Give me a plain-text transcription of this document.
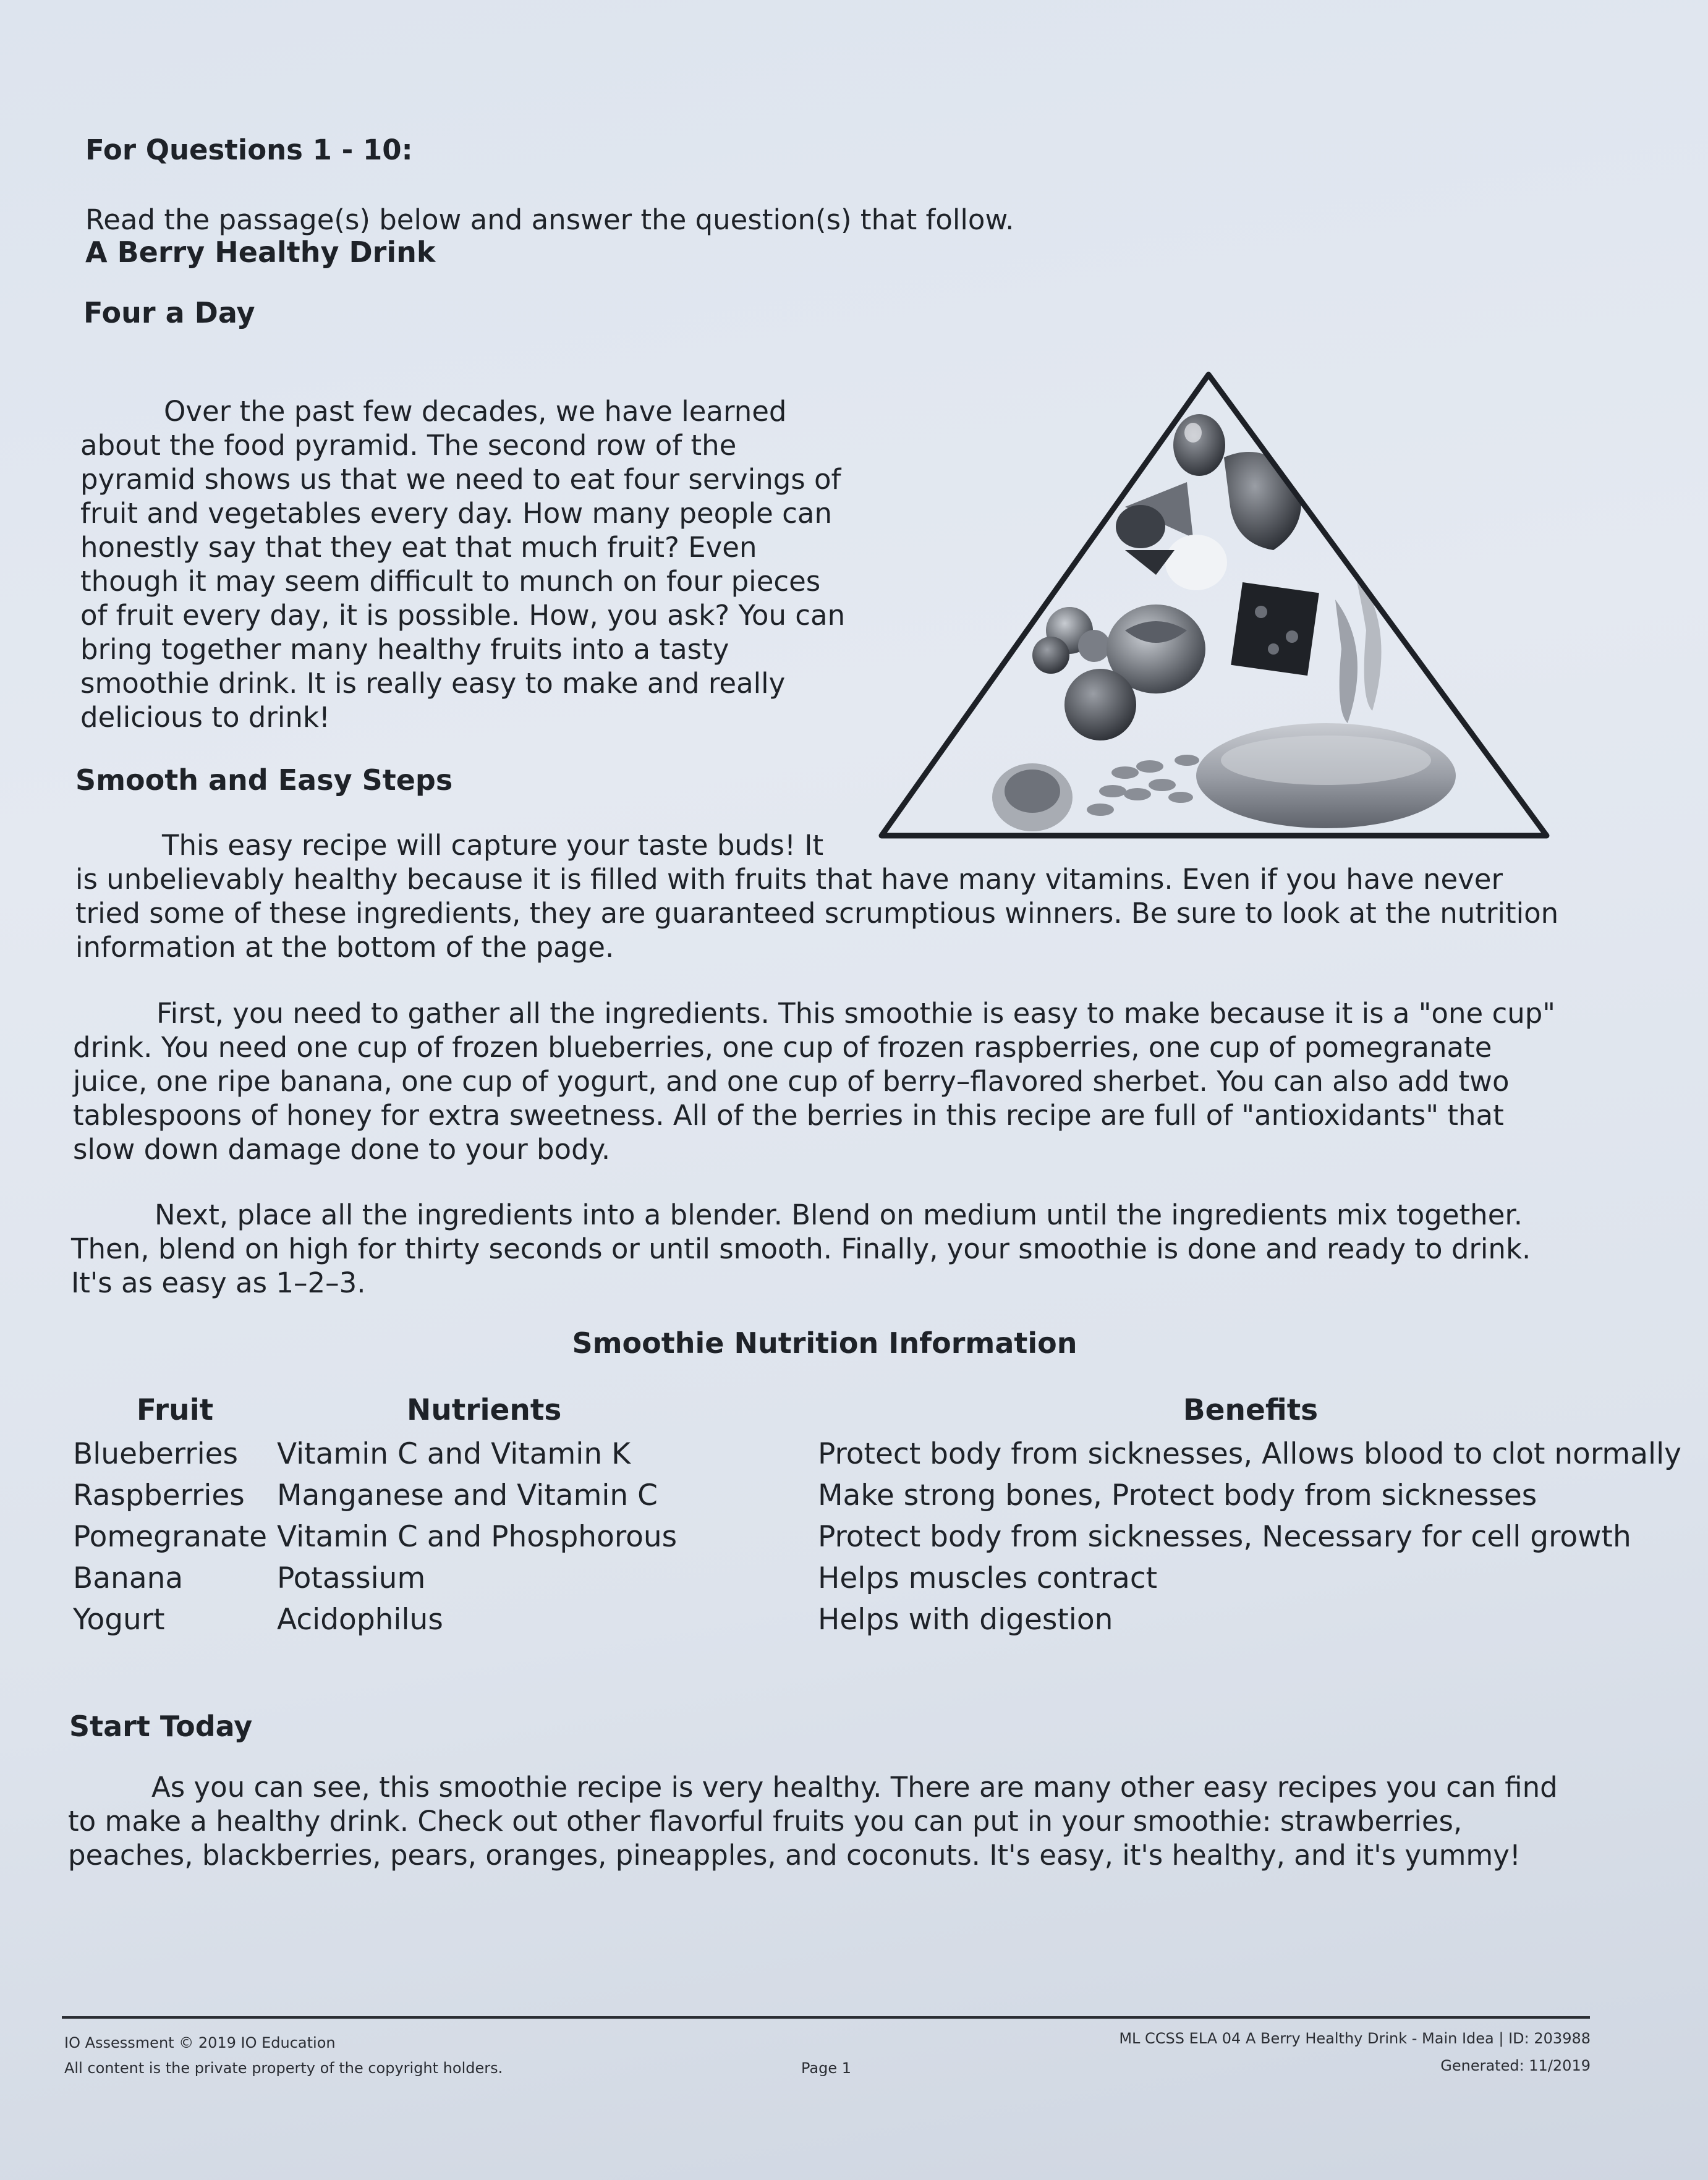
For Questions 1 - 10:

Read the passage(s) below and answer the question(s) that follow.

A Berry Healthy Drink
Four a Day

Over the past few decades, we have learned about the food pyramid. The second row of the pyramid shows us that we need to eat four servings of fruit and vegetables every day. How many people can honestly say that they eat that much fruit? Even though it may seem difficult to munch on four pieces of fruit every day, it is possible. How, you ask? You can bring together many healthy fruits into a tasty smoothie drink. It is really easy to make and really delicious to drink!

Smooth and Easy Steps

This easy recipe will capture your taste buds! It

is unbelievably healthy because it is filled with fruits that have many vitamins. Even if you have never tried some of these ingredients, they are guaranteed scrumptious winners. Be sure to look at the nutrition information at the bottom of the page.

First, you need to gather all the ingredients. This smoothie is easy to make because it is a "one cup" drink. You need one cup of frozen blueberries, one cup of frozen raspberries, one cup of pomegranate juice, one ripe banana, one cup of yogurt, and one cup of berry–flavored sherbet. You can also add two tablespoons of honey for extra sweetness. All of the berries in this recipe are full of "antioxidants" that slow down damage done to your body.

Next, place all the ingredients into a blender. Blend on medium until the ingredients mix together. Then, blend on high for thirty seconds or until smooth. Finally, your smoothie is done and ready to drink. It's as easy as 1–2–3.

Smoothie Nutrition Information
Fruit	Nutrients	Benefits
Blueberries	Vitamin C and Vitamin K	Protect body from sicknesses, Allows blood to clot normally
Raspberries	Manganese and Vitamin C	Make strong bones, Protect body from sicknesses
Pomegranate	Vitamin C and Phosphorous	Protect body from sicknesses, Necessary for cell growth
Banana	Potassium	Helps muscles contract
Yogurt	Acidophilus	Helps with digestion
Start Today

As you can see, this smoothie recipe is very healthy. There are many other easy recipes you can find to make a healthy drink. Check out other flavorful fruits you can put in your smoothie: strawberries, peaches, blackberries, pears, oranges, pineapples, and coconuts. It's easy, it's healthy, and it's yummy!

IO Assessment © 2019 IO Education

All content is the private property of the copyright holders.	Page 1

ML CCSS ELA 04 A Berry Healthy Drink - Main Idea | ID: 203988

Generated: 11/2019
